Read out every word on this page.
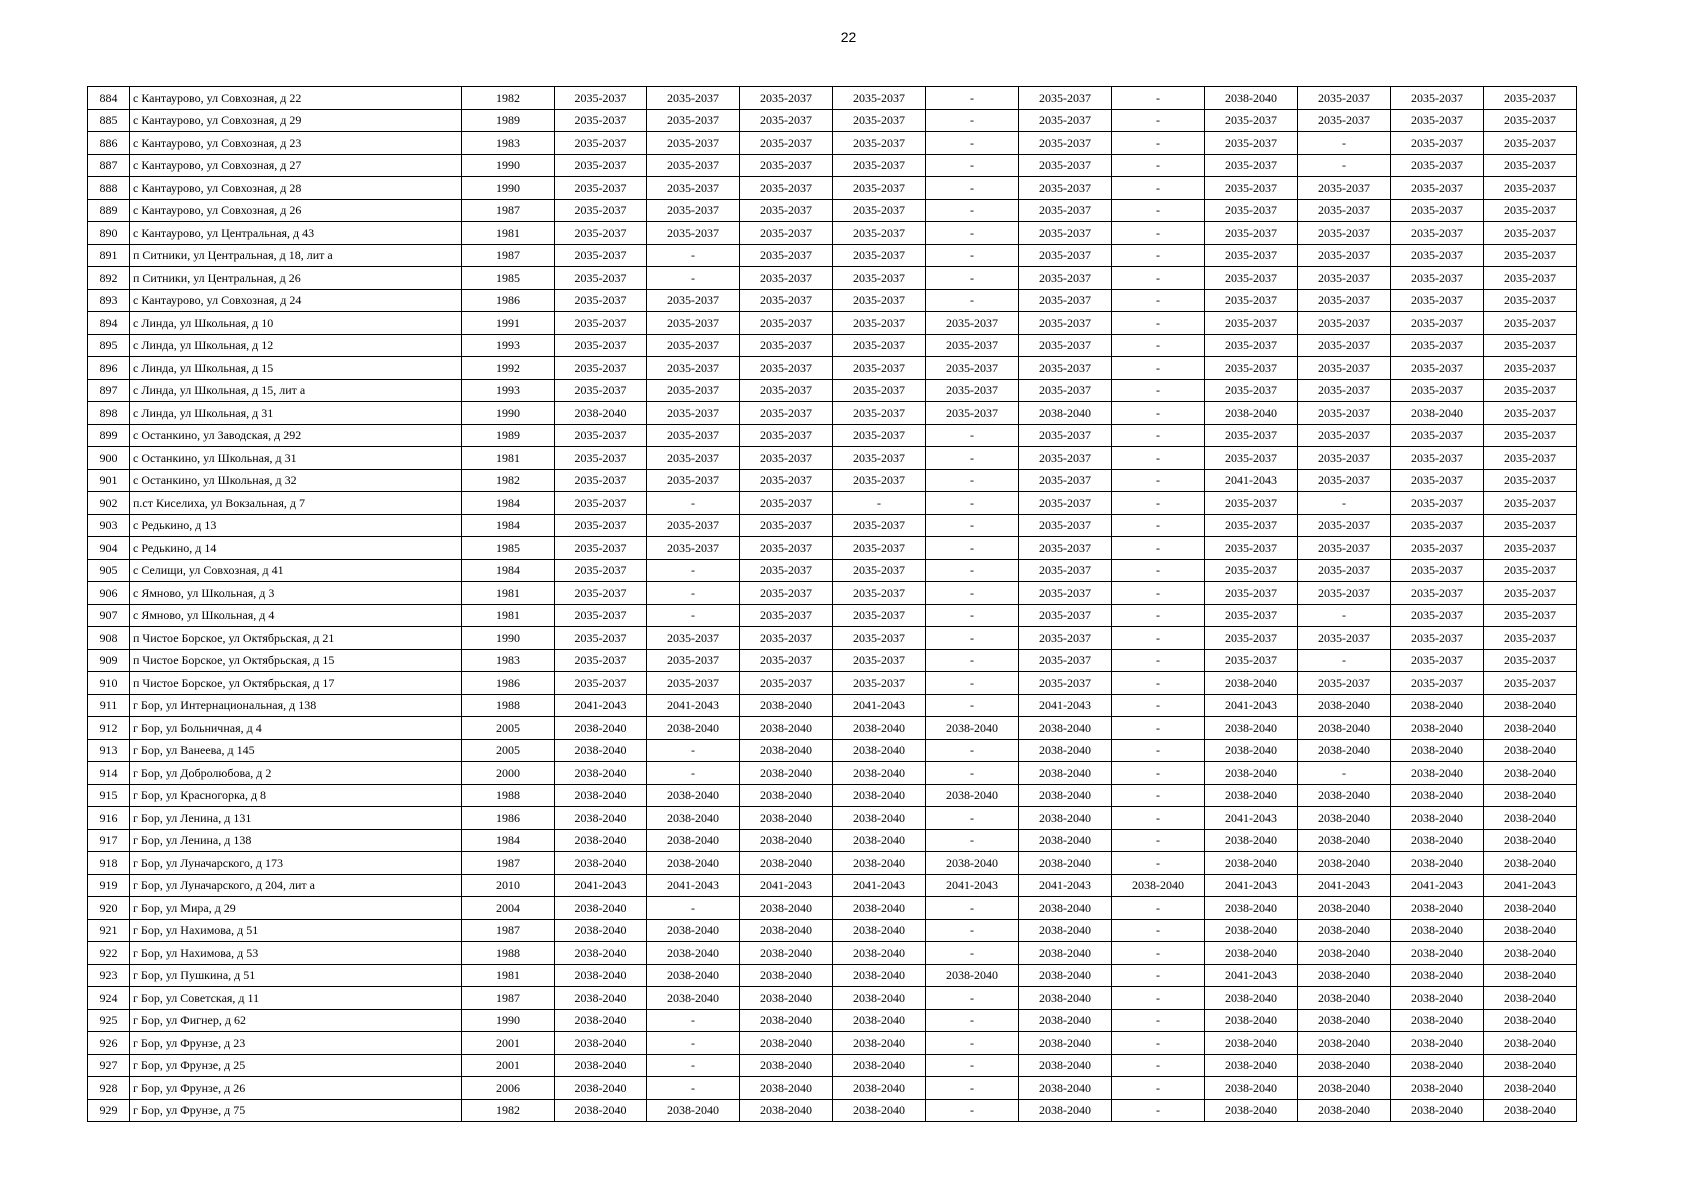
22
884	с Кантаурово, ул Совхозная, д 22	1982	2035-2037	2035-2037	2035-2037	2035-2037	-	2035-2037	-	2038-2040	2035-2037	2035-2037	2035-2037
885	с Кантаурово, ул Совхозная, д 29	1989	2035-2037	2035-2037	2035-2037	2035-2037	-	2035-2037	-	2035-2037	2035-2037	2035-2037	2035-2037
886	с Кантаурово, ул Совхозная, д 23	1983	2035-2037	2035-2037	2035-2037	2035-2037	-	2035-2037	-	2035-2037	-	2035-2037	2035-2037
887	с Кантаурово, ул Совхозная, д 27	1990	2035-2037	2035-2037	2035-2037	2035-2037	-	2035-2037	-	2035-2037	-	2035-2037	2035-2037
888	с Кантаурово, ул Совхозная, д 28	1990	2035-2037	2035-2037	2035-2037	2035-2037	-	2035-2037	-	2035-2037	2035-2037	2035-2037	2035-2037
889	с Кантаурово, ул Совхозная, д 26	1987	2035-2037	2035-2037	2035-2037	2035-2037	-	2035-2037	-	2035-2037	2035-2037	2035-2037	2035-2037
890	с Кантаурово, ул Центральная, д 43	1981	2035-2037	2035-2037	2035-2037	2035-2037	-	2035-2037	-	2035-2037	2035-2037	2035-2037	2035-2037
891	п Ситники, ул Центральная, д 18, лит а	1987	2035-2037	-	2035-2037	2035-2037	-	2035-2037	-	2035-2037	2035-2037	2035-2037	2035-2037
892	п Ситники, ул Центральная, д 26	1985	2035-2037	-	2035-2037	2035-2037	-	2035-2037	-	2035-2037	2035-2037	2035-2037	2035-2037
893	с Кантаурово, ул Совхозная, д 24	1986	2035-2037	2035-2037	2035-2037	2035-2037	-	2035-2037	-	2035-2037	2035-2037	2035-2037	2035-2037
894	с Линда, ул Школьная, д 10	1991	2035-2037	2035-2037	2035-2037	2035-2037	2035-2037	2035-2037	-	2035-2037	2035-2037	2035-2037	2035-2037
895	с Линда, ул Школьная, д 12	1993	2035-2037	2035-2037	2035-2037	2035-2037	2035-2037	2035-2037	-	2035-2037	2035-2037	2035-2037	2035-2037
896	с Линда, ул Школьная, д 15	1992	2035-2037	2035-2037	2035-2037	2035-2037	2035-2037	2035-2037	-	2035-2037	2035-2037	2035-2037	2035-2037
897	с Линда, ул Школьная, д 15, лит а	1993	2035-2037	2035-2037	2035-2037	2035-2037	2035-2037	2035-2037	-	2035-2037	2035-2037	2035-2037	2035-2037
898	с Линда, ул Школьная, д 31	1990	2038-2040	2035-2037	2035-2037	2035-2037	2035-2037	2038-2040	-	2038-2040	2035-2037	2038-2040	2035-2037
899	с Останкино, ул Заводская, д 292	1989	2035-2037	2035-2037	2035-2037	2035-2037	-	2035-2037	-	2035-2037	2035-2037	2035-2037	2035-2037
900	с Останкино, ул Школьная, д 31	1981	2035-2037	2035-2037	2035-2037	2035-2037	-	2035-2037	-	2035-2037	2035-2037	2035-2037	2035-2037
901	с Останкино, ул Школьная, д 32	1982	2035-2037	2035-2037	2035-2037	2035-2037	-	2035-2037	-	2041-2043	2035-2037	2035-2037	2035-2037
902	п.ст Киселиха, ул Вокзальная, д 7	1984	2035-2037	-	2035-2037	-	-	2035-2037	-	2035-2037	-	2035-2037	2035-2037
903	с Редькино, д 13	1984	2035-2037	2035-2037	2035-2037	2035-2037	-	2035-2037	-	2035-2037	2035-2037	2035-2037	2035-2037
904	с Редькино, д 14	1985	2035-2037	2035-2037	2035-2037	2035-2037	-	2035-2037	-	2035-2037	2035-2037	2035-2037	2035-2037
905	с Селищи, ул Совхозная, д 41	1984	2035-2037	-	2035-2037	2035-2037	-	2035-2037	-	2035-2037	2035-2037	2035-2037	2035-2037
906	с Ямново, ул Школьная, д 3	1981	2035-2037	-	2035-2037	2035-2037	-	2035-2037	-	2035-2037	2035-2037	2035-2037	2035-2037
907	с Ямново, ул Школьная, д 4	1981	2035-2037	-	2035-2037	2035-2037	-	2035-2037	-	2035-2037	-	2035-2037	2035-2037
908	п Чистое Борское, ул Октябрьская, д 21	1990	2035-2037	2035-2037	2035-2037	2035-2037	-	2035-2037	-	2035-2037	2035-2037	2035-2037	2035-2037
909	п Чистое Борское, ул Октябрьская, д 15	1983	2035-2037	2035-2037	2035-2037	2035-2037	-	2035-2037	-	2035-2037	-	2035-2037	2035-2037
910	п Чистое Борское, ул Октябрьская, д 17	1986	2035-2037	2035-2037	2035-2037	2035-2037	-	2035-2037	-	2038-2040	2035-2037	2035-2037	2035-2037
911	г Бор, ул Интернациональная, д 138	1988	2041-2043	2041-2043	2038-2040	2041-2043	-	2041-2043	-	2041-2043	2038-2040	2038-2040	2038-2040
912	г Бор, ул Больничная, д 4	2005	2038-2040	2038-2040	2038-2040	2038-2040	2038-2040	2038-2040	-	2038-2040	2038-2040	2038-2040	2038-2040
913	г Бор, ул Ванеева, д 145	2005	2038-2040	-	2038-2040	2038-2040	-	2038-2040	-	2038-2040	2038-2040	2038-2040	2038-2040
914	г Бор, ул Добролюбова, д 2	2000	2038-2040	-	2038-2040	2038-2040	-	2038-2040	-	2038-2040	-	2038-2040	2038-2040
915	г Бор, ул Красногорка, д 8	1988	2038-2040	2038-2040	2038-2040	2038-2040	2038-2040	2038-2040	-	2038-2040	2038-2040	2038-2040	2038-2040
916	г Бор, ул Ленина, д 131	1986	2038-2040	2038-2040	2038-2040	2038-2040	-	2038-2040	-	2041-2043	2038-2040	2038-2040	2038-2040
917	г Бор, ул Ленина, д 138	1984	2038-2040	2038-2040	2038-2040	2038-2040	-	2038-2040	-	2038-2040	2038-2040	2038-2040	2038-2040
918	г Бор, ул Луначарского, д 173	1987	2038-2040	2038-2040	2038-2040	2038-2040	2038-2040	2038-2040	-	2038-2040	2038-2040	2038-2040	2038-2040
919	г Бор, ул Луначарского, д 204, лит а	2010	2041-2043	2041-2043	2041-2043	2041-2043	2041-2043	2041-2043	2038-2040	2041-2043	2041-2043	2041-2043	2041-2043
920	г Бор, ул Мира, д 29	2004	2038-2040	-	2038-2040	2038-2040	-	2038-2040	-	2038-2040	2038-2040	2038-2040	2038-2040
921	г Бор, ул Нахимова, д 51	1987	2038-2040	2038-2040	2038-2040	2038-2040	-	2038-2040	-	2038-2040	2038-2040	2038-2040	2038-2040
922	г Бор, ул Нахимова, д 53	1988	2038-2040	2038-2040	2038-2040	2038-2040	-	2038-2040	-	2038-2040	2038-2040	2038-2040	2038-2040
923	г Бор, ул Пушкина, д 51	1981	2038-2040	2038-2040	2038-2040	2038-2040	2038-2040	2038-2040	-	2041-2043	2038-2040	2038-2040	2038-2040
924	г Бор, ул Советская, д 11	1987	2038-2040	2038-2040	2038-2040	2038-2040	-	2038-2040	-	2038-2040	2038-2040	2038-2040	2038-2040
925	г Бор, ул Фигнер, д 62	1990	2038-2040	-	2038-2040	2038-2040	-	2038-2040	-	2038-2040	2038-2040	2038-2040	2038-2040
926	г Бор, ул Фрунзе, д 23	2001	2038-2040	-	2038-2040	2038-2040	-	2038-2040	-	2038-2040	2038-2040	2038-2040	2038-2040
927	г Бор, ул Фрунзе, д 25	2001	2038-2040	-	2038-2040	2038-2040	-	2038-2040	-	2038-2040	2038-2040	2038-2040	2038-2040
928	г Бор, ул Фрунзе, д 26	2006	2038-2040	-	2038-2040	2038-2040	-	2038-2040	-	2038-2040	2038-2040	2038-2040	2038-2040
929	г Бор, ул Фрунзе, д 75	1982	2038-2040	2038-2040	2038-2040	2038-2040	-	2038-2040	-	2038-2040	2038-2040	2038-2040	2038-2040
